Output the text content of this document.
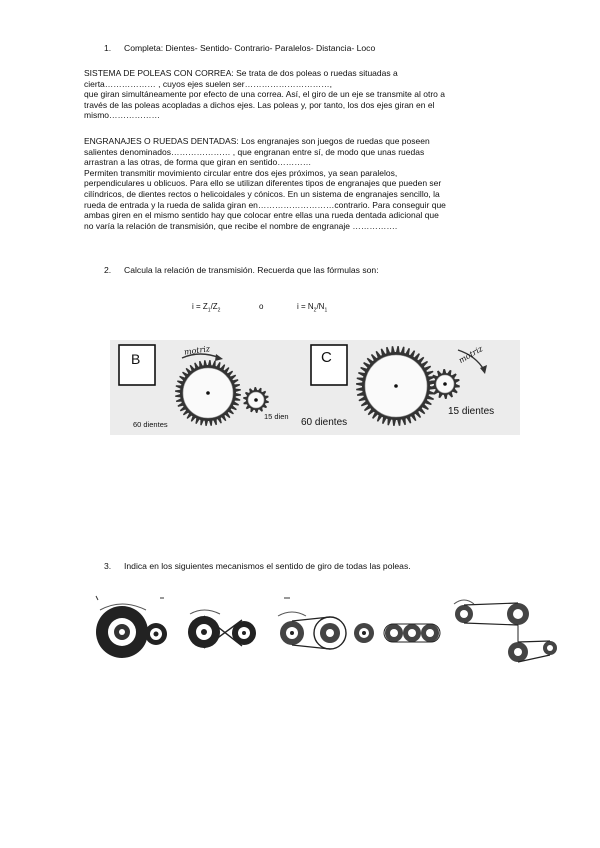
1. Completa: Dientes- Sentido- Contrario- Paralelos- Distancia- Loco
SISTEMA DE POLEAS CON CORREA: Se trata de dos poleas o ruedas situadas a
cierta……………… , cuyos ejes suelen ser…………………………,
que giran simultáneamente por efecto de una correa. Así, el giro de un eje se transmite al otro a
través de las poleas acopladas a dichos ejes. Las poleas y, por tanto, los dos ejes giran en el
mismo………………
ENGRANAJES O RUEDAS DENTADAS: Los engranajes son juegos de ruedas que poseen
salientes denominados………………… , que engranan entre sí, de modo que unas ruedas
arrastran a las otras, de forma que giran en sentido…………
Permiten transmitir movimiento circular entre dos ejes próximos, ya sean paralelos,
perpendiculares u oblicuos. Para ello se utilizan diferentes tipos de engranajes que pueden ser
cilíndricos, de dientes rectos o helicoidales y cónicos. En un sistema de engranajes sencillo, la
rueda de entrada y la rueda de salida giran en………………………contrario. Para conseguir que
ambas giren en el mismo sentido hay que colocar entre ellas una rueda dentada adicional que
no varía la relación de transmisión, que recibe el nombre de engranaje …………….
2. Calcula la relación de transmisión. Recuerda que las fórmulas son:
$i = Z_1/Z_2$	o	$i = N_2/N_1$
B
motriz
60 dientes
15 dien
C	motriz
60 dientes
15 dientes
3. Indica en los siguientes mecanismos el sentido de giro de todas las poleas.
